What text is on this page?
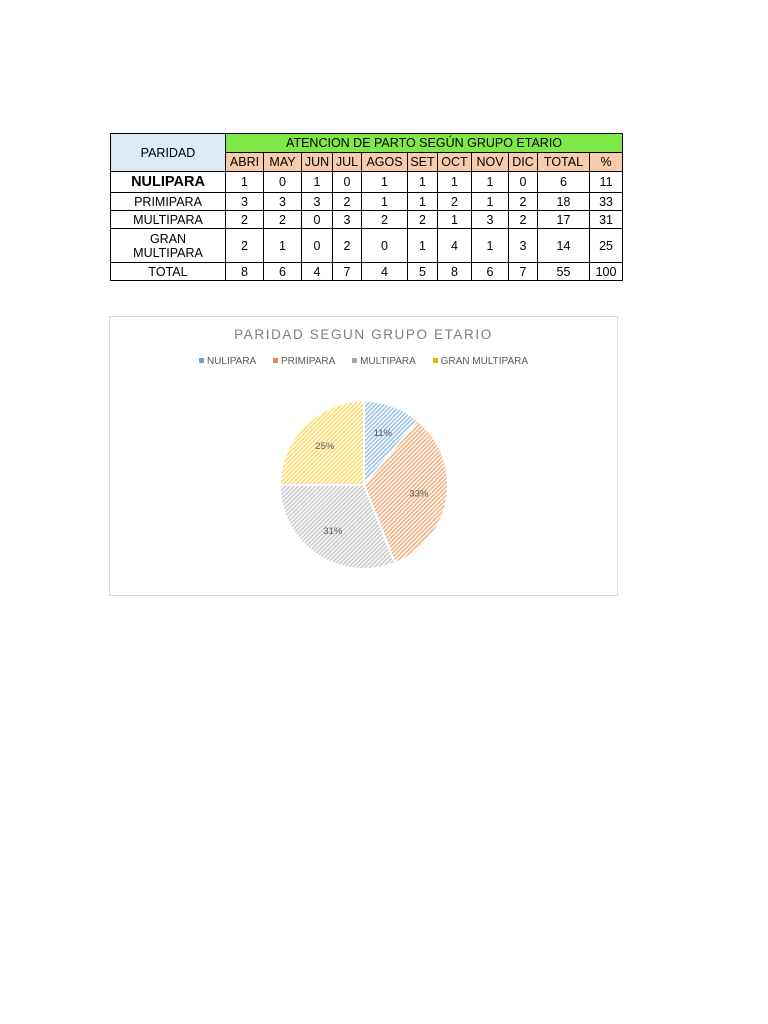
PARIDAD	ATENCION DE PARTO SEGÚN GRUPO ETARIO										
	ABRI	MAY	JUN	JUL	AGOS	SET	OCT	NOV	DIC	TOTAL	%
NULIPARA	1	0	1	0	1	1	1	1	0	6	11
PRIMIPARA	3	3	3	2	1	1	2	1	2	18	33
MULTIPARA	2	2	0	3	2	2	1	3	2	17	31
GRAN MULTIPARA	2	1	0	2	0	1	4	1	3	14	25
TOTAL	8	6	4	7	4	5	8	6	7	55	100
PARIDAD SEGUN GRUPO ETARIO
NULIPARA PRIMIPARA MULTIPARA GRAN MULTIPARA
11%
33%
31%
25%
